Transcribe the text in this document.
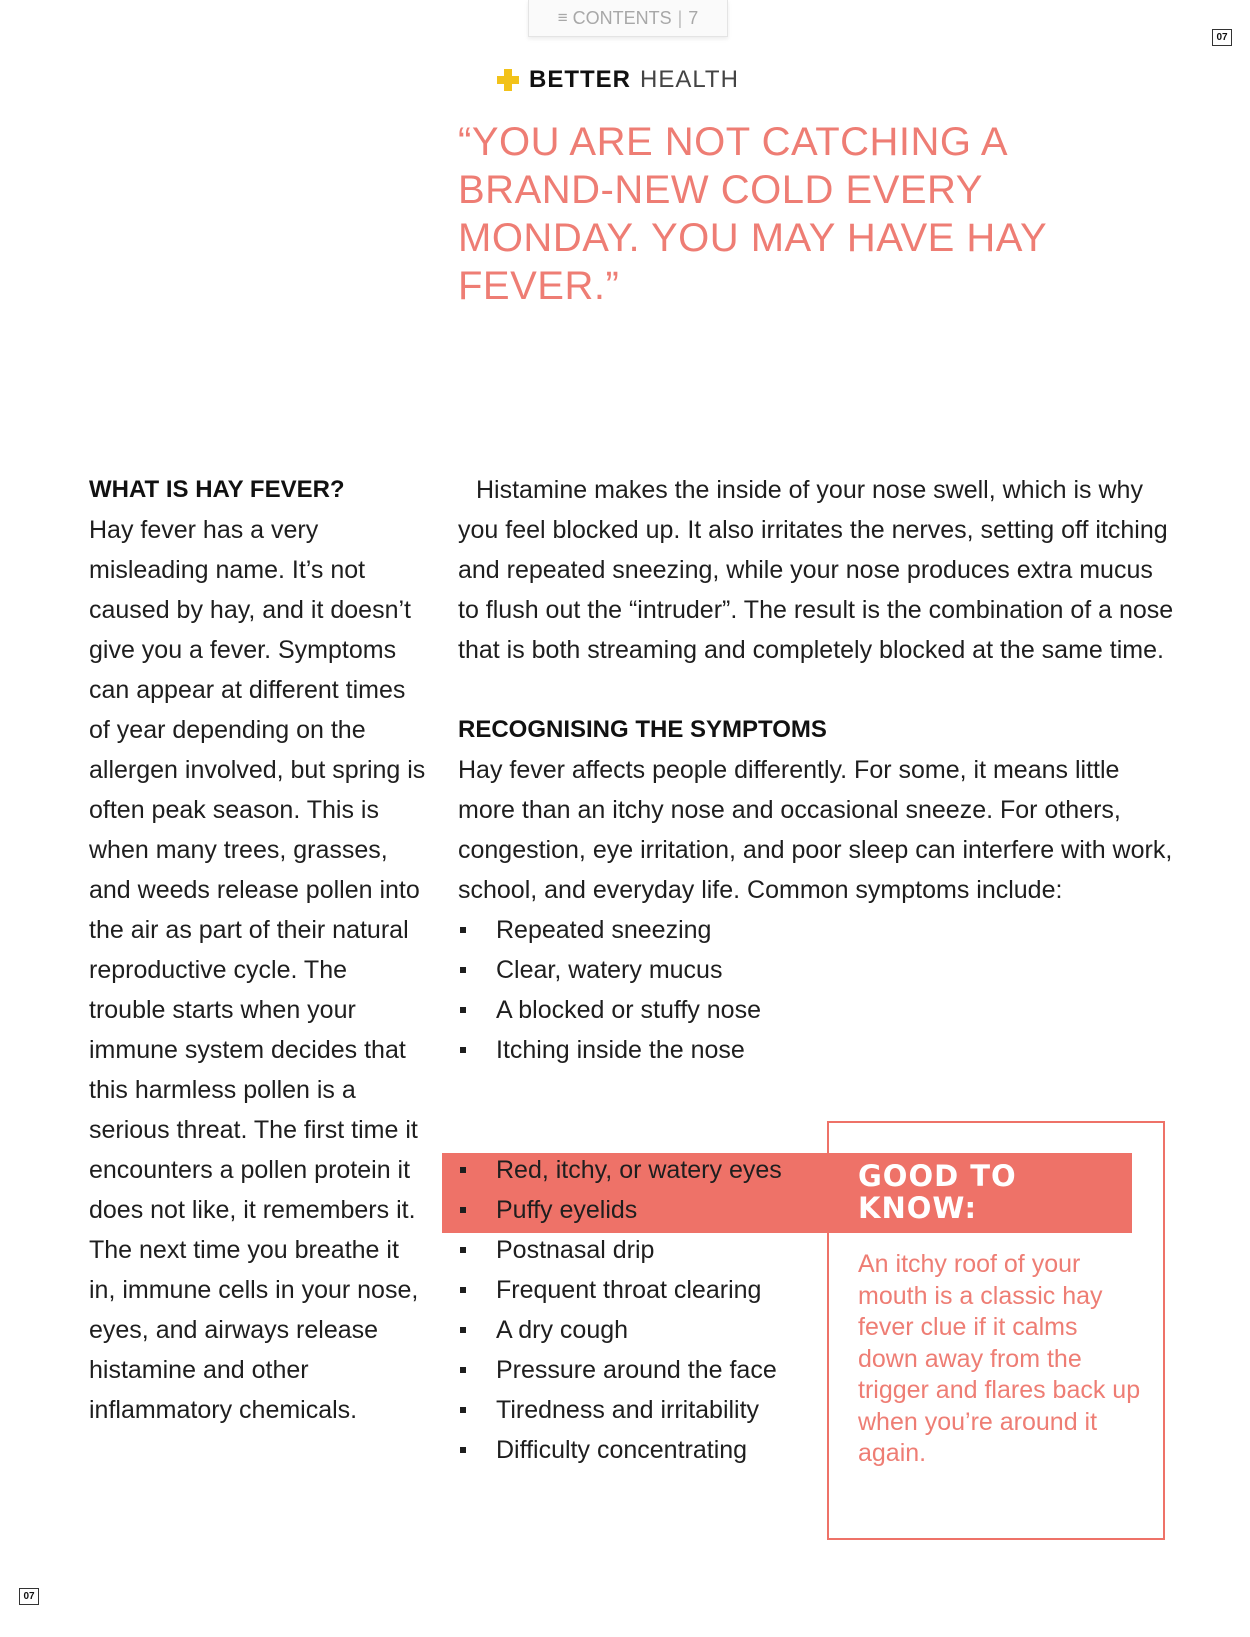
≡ CONTENTS | 7
07
07
BETTER HEALTH

“YOU ARE NOT CATCHING A BRAND-NEW COLD EVERY MONDAY. YOU MAY HAVE HAY FEVER.”

WHAT IS HAY FEVER?

Hay fever has a very misleading name. It’s not caused by hay, and it doesn’t give you a fever. Symptoms can appear at different times of year depending on the allergen involved, but spring is often peak season. This is when many trees, grasses, and weeds release pollen into the air as part of their natural reproductive cycle. The trouble starts when your immune system decides that this harmless pollen is a serious threat. The first time it encounters a pollen protein it does not like, it remembers it. The next time you breathe it in, immune cells in your nose, eyes, and airways release histamine and other inflammatory chemicals.

GOOD TO KNOW:

An itchy roof of your mouth is a classic hay fever clue if it calms down away from the trigger and flares back up when you’re around it again.

Histamine makes the inside of your nose swell, which is why you feel blocked up. It also irritates the nerves, setting off itching and repeated sneezing, while your nose produces extra mucus to flush out the “intruder”. The result is the combination of a nose that is both streaming and completely blocked at the same time.

RECOGNISING THE SYMPTOMS

Hay fever affects people differently. For some, it means little more than an itchy nose and occasional sneeze. For others, congestion, eye irritation, and poor sleep can interfere with work, school, and everyday life. Common symptoms include:

Repeated sneezing
Clear, watery mucus
A blocked or stuffy nose
Itching inside the nose
An itchy throat or the roof of the mouth
Red, itchy, or watery eyes
Puffy eyelids
Postnasal drip
Frequent throat clearing
A dry cough
Pressure around the face
Tiredness and irritability
Difficulty concentrating
